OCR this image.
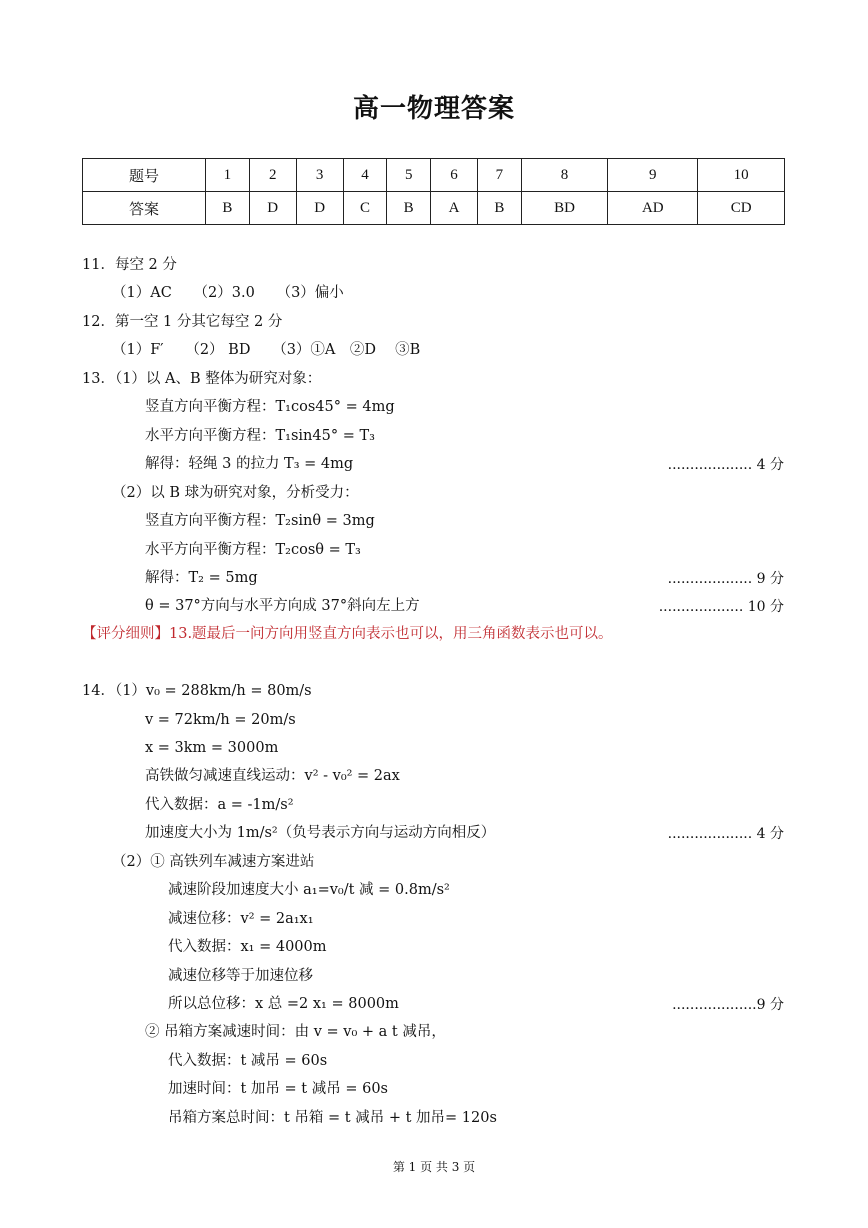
高一物理答案
题号	1	2	3	4	5	6	7	8	9	10
答案	B	D	D	C	B	A	B	BD	AD	CD
11．每空 2 分
（1）AC　　（2）3.0　　（3）偏小
12．第一空 1 分其它每空 2 分
（1）F′　　（2） BD　　（3）①A　②D　 ③B
13．（1）以 A、B 整体为研究对象：
竖直方向平衡方程：T₁cos45° = 4mg
水平方向平衡方程：T₁sin45° = T₃
解得：轻绳 3 的拉力 T₃ = 4mg	................... 4 分
（2）以 B 球为研究对象，分析受力：
竖直方向平衡方程：T₂sinθ = 3mg
水平方向平衡方程：T₂cosθ = T₃
解得：T₂ = 5mg	................... 9 分
θ = 37°方向与水平方向成 37°斜向左上方	................... 10 分
【评分细则】13.题最后一问方向用竖直方向表示也可以，用三角函数表示也可以。
14．（1）v₀ = 288km/h = 80m/s
v = 72km/h = 20m/s
x = 3km = 3000m
高铁做匀减速直线运动：v² - v₀² = 2ax
代入数据：a = -1m/s²
加速度大小为 1m/s²（负号表示方向与运动方向相反）	................... 4 分
（2）① 高铁列车减速方案进站
减速阶段加速度大小 a₁=v₀/t 减 = 0.8m/s²
减速位移：v² = 2a₁x₁
代入数据：x₁ = 4000m
减速位移等于加速位移
所以总位移：x 总 =2 x₁ = 8000m	...................9 分
② 吊箱方案减速时间：由 v = v₀ + a t 减吊，
代入数据：t 减吊 = 60s
加速时间：t 加吊 = t 减吊 = 60s
吊箱方案总时间：t 吊箱 = t 减吊 + t 加吊= 120s
第 1 页 共 3 页
